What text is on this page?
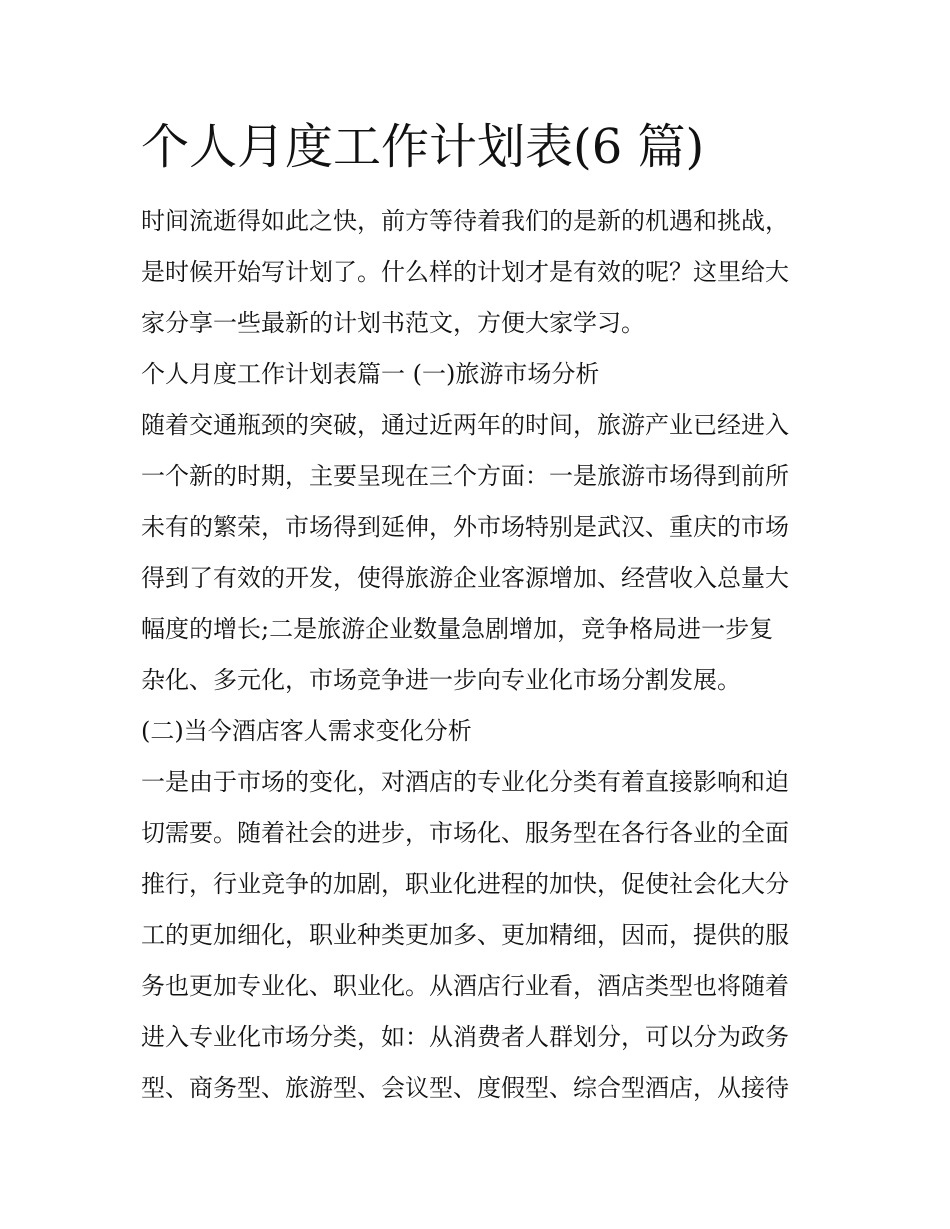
个人月度工作计划表(6 篇)
时间流逝得如此之快，前方等待着我们的是新的机遇和挑战，
是时候开始写计划了。什么样的计划才是有效的呢？这里给大
家分享一些最新的计划书范文，方便大家学习。
个人月度工作计划表篇一 (一)旅游市场分析
随着交通瓶颈的突破，通过近两年的时间，旅游产业已经进入
一个新的时期，主要呈现在三个方面：一是旅游市场得到前所
未有的繁荣，市场得到延伸，外市场特别是武汉、重庆的市场
得到了有效的开发，使得旅游企业客源增加、经营收入总量大
幅度的增长;二是旅游企业数量急剧增加，竞争格局进一步复
杂化、多元化，市场竞争进一步向专业化市场分割发展。
(二)当今酒店客人需求变化分析
一是由于市场的变化，对酒店的专业化分类有着直接影响和迫
切需要。随着社会的进步，市场化、服务型在各行各业的全面
推行，行业竞争的加剧，职业化进程的加快，促使社会化大分
工的更加细化，职业种类更加多、更加精细，因而，提供的服
务也更加专业化、职业化。从酒店行业看，酒店类型也将随着
进入专业化市场分类，如：从消费者人群划分，可以分为政务
型、商务型、旅游型、会议型、度假型、综合型酒店，从接待
